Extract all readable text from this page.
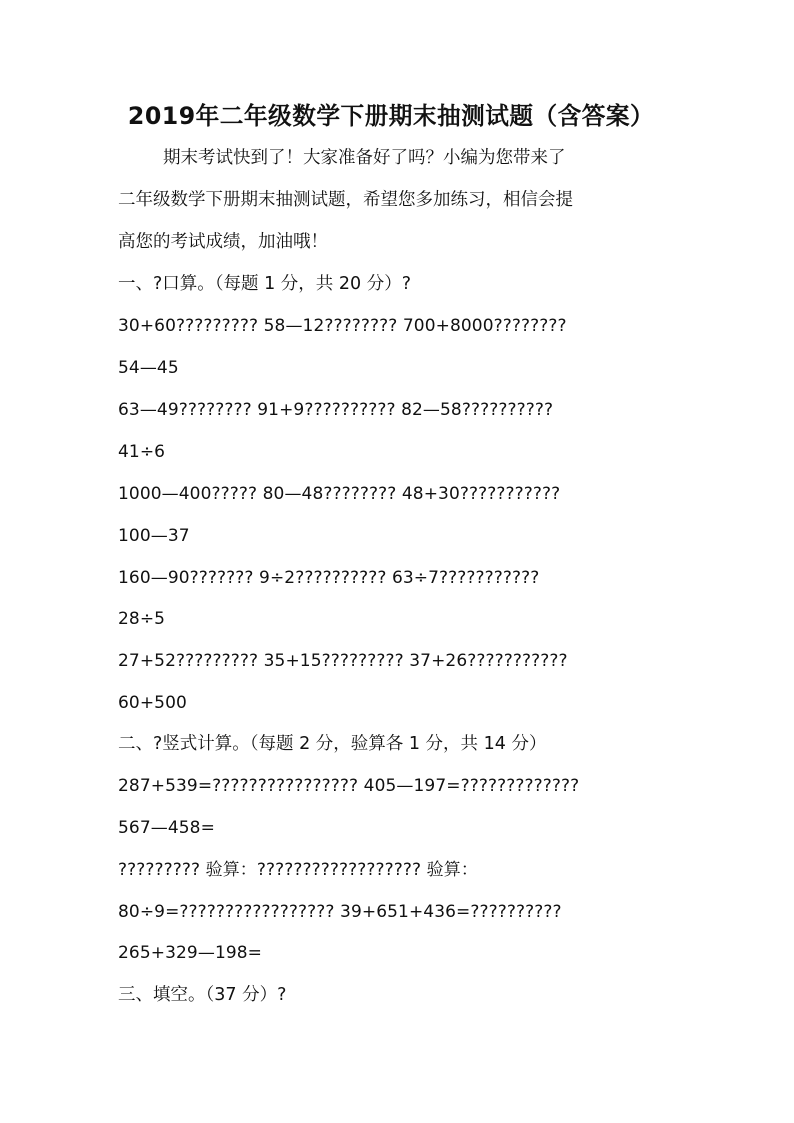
2019年二年级数学下册期末抽测试题（含答案）
期末考试快到了！大家准备好了吗？小编为您带来了
二年级数学下册期末抽测试题，希望您多加练习，相信会提
高您的考试成绩，加油哦！
一、?口算。（每题 1 分，共 20 分）?
30+60????????? 58—12???????? 700+8000????????
54—45
63—49???????? 91+9?????????? 82—58??????????
41÷6
1000—400????? 80—48???????? 48+30???????????
100—37
160—90??????? 9÷2?????????? 63÷7???????????
28÷5
27+52????????? 35+15????????? 37+26???????????
60+500
二、?竖式计算。（每题 2 分，验算各 1 分，共 14 分）
287+539=???????????????? 405—197=?????????????
567—458=
????????? 验算：?????????????????? 验算：
80÷9=????????????????? 39+651+436=??????????
265+329—198=
三、填空。（37 分）?
